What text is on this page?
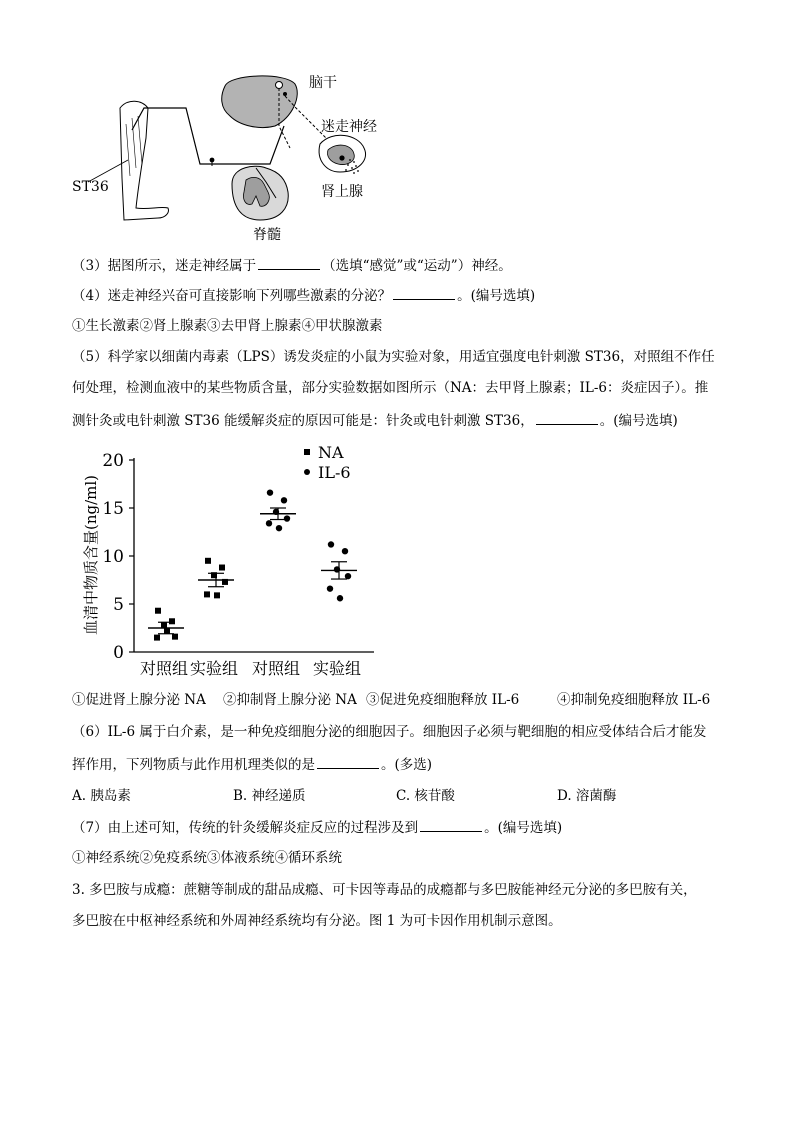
脑干
迷走神经
ST36	肾上腺
脊髓
（3）据图所示，迷走神经属于	（选填“感觉”或“运动”）神经。
（4）迷走神经兴奋可直接影响下列哪些激素的分泌？	。(编号选填)
①生长激素②肾上腺素③去甲肾上腺素④甲状腺激素
（5）科学家以细菌内毒素（LPS）诱发炎症的小鼠为实验对象，用适宜强度电针刺激 ST36，对照组不作任
何处理，检测血液中的某些物质含量，部分实验数据如图所示（NA：去甲肾上腺素；IL-6：炎症因子）。推
测针灸或电针刺激 ST36 能缓解炎症的原因可能是：针灸或电针刺激 ST36，	。(编号选填)
血清中物质含量(ng/ml)
0
5
10
15
20
对照组 实验组 对照组 实验组
NA
IL-6
①促进肾上腺分泌 NA ②抑制肾上腺分泌 NA ③促进免疫细胞释放 IL-6	④抑制免疫细胞释放 IL-6
（6）IL-6 属于白介素，是一种免疫细胞分泌的细胞因子。细胞因子必须与靶细胞的相应受体结合后才能发
挥作用，下列物质与此作用机理类似的是	。(多选)
A. 胰岛素	B. 神经递质	C. 核苷酸	D. 溶菌酶
（7）由上述可知，传统的针灸缓解炎症反应的过程涉及到	。(编号选填)
①神经系统②免疫系统③体液系统④循环系统
3. 多巴胺与成瘾：蔗糖等制成的甜品成瘾、可卡因等毒品的成瘾都与多巴胺能神经元分泌的多巴胺有关，
多巴胺在中枢神经系统和外周神经系统均有分泌。图 1 为可卡因作用机制示意图。
